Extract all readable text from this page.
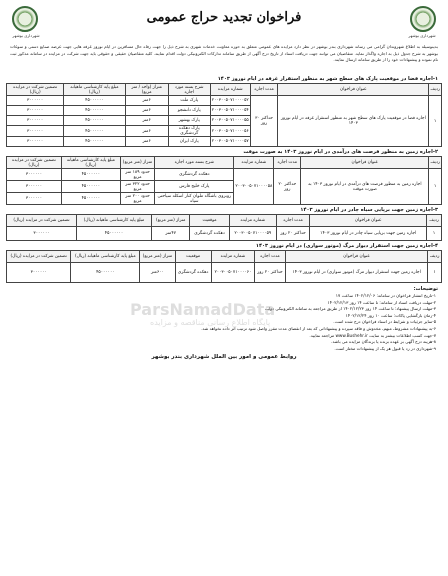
شهرداری بوشهر
فراخوان تجدید حراج عمومی
شهرداری بوشهر

بدینوسیله به اطلاع شهروندان گرامی می رساند شهرداری بندر بوشهر در نظر دارد مزایده های عمومی متعلق به حوزه معاونت خدمات شهری به شرح ذیل را جهت رفاه حال مسافرین در ایام نوروز غرفه هایی جهت عرضه صنایع دستی و سوغات بوشهر به شرح جدول ذیل به اجاره واگذار نماید. متقاضیان می توانند جهت دریافت اسناد از تاریخ درج آگهی از طریق سامانه تدارکات الکترونیکی دولت اقدام نمایند. کلیه متقاضیان حقیقی و حقوقی باید جهت شرکت در مزایده در سامانه مذکور ثبت نام نموده و پیشنهادات خود را از طریق سامانه ارسال نمایند.

۱-اجاره فضا در موقعیت پارک های سطح شهر به منظور استقرار غرفه در ایام نوروز ۱۴۰۳
ردیف	عنوان فراخوان	مدت اجاره	شماره مزایده	شرح بسته مورد اجاره	متراژ (واحد / متر مربع)	مبلغ پایه کارشناسی ماهیانه (ریال)	تضمین شرکت در مزایده (ریال)
۱	اجاره فضا در موقعیت پارک های سطح شهر به منظور استقرار غرفه در ایام نوروز ۱۴۰۳	حداکثر ۳۰ روز	۲۰۰۳۰۰۵۰۷۱۰۰۰۰۵۲	پارک ملت	۶متر	۴۵۰۰۰۰۰۰	۳۰۰۰۰۰۰
			۲۰۰۳۰۰۵۰۷۱۰۰۰۰۵۴	پارک دانشجو	۶متر	۴۵۰۰۰۰۰۰	۳۰۰۰۰۰۰
			۲۰۰۳۰۰۵۰۷۱۰۰۰۰۵۵	پارک بهشهر	۶متر	۴۵۰۰۰۰۰۰	۳۰۰۰۰۰۰
			۲۰۰۳۰۰۵۰۷۱۰۰۰۰۵۶	پارک دهکده گردشگری	۶متر	۴۵۰۰۰۰۰۰	۳۰۰۰۰۰۰
			۲۰۰۳۰۰۵۰۷۱۰۰۰۰۵۷	پارک ایران	۶متر	۴۵۰۰۰۰۰۰	۳۰۰۰۰۰۰
۲-اجاره زمین به منظور فرصت های درآمدی در ایام نوروز ۱۴۰۳ به صورت موقت
ردیف	عنوان فراخوان	مدت اجاره	شماره مزایده	شرح بسته مورد اجاره	متراژ (متر مربع)	مبلغ پایه کارشناسی ماهیانه (ریال)	تضمین شرکت در مزایده (ریال)
۱	اجاره زمین به منظور فرصت های درآمدی در ایام نوروز ۱۴۰۳ به صورت موقت	حداکثر ۲۰ روز	۲۰۰۳۰۰۵۰۷۱۰۰۰۰۵۸	دهکده گردشگری	حدود ۱۸۹ متر مربع	۴۵۰۰۰۰۰۰	۳۰۰۰۰۰۰
				پارک خلیج فارس	حدود ۳۲۲ متر مربع	۴۵۰۰۰۰۰۰	۳۰۰۰۰۰۰
				روبروی باشگاه ملوان کنار اسکله سیاحتی سپاه	حدود ۲۰۰ متر مربع	۴۵۰۰۰۰۰۰	۳۰۰۰۰۰۰
۳-اجاره زمین جهت برپایی سیاه چادر در ایام نوروز ۱۴۰۳
ردیف	عنوان فراخوان	مدت اجاره	شماره مزایده	موقعیت	متراژ (متر مربع)	مبلغ پایه کارشناسی ماهیانه (ریال)	تضمین شرکت در مزایده (ریال)
۱	اجاره زمین جهت برپایی سیاه چادر در ایام نوروز ۱۴۰۳	حداکثر ۲۰ روز	۲۰۰۳۰۰۵۰۷۱۰۰۰۰۵۹	دهکده گردشگری	۴۷متر	۴۵۰۰۰۰۰۰	۳۰۰۰۰۰۰
۴-اجاره زمین جهت استقرار دیوار مرگ (موتور سواری) در ایام نوروز ۱۴۰۳
ردیف	عنوان فراخوان	مدت اجاره	شماره مزایده	موقعیت	متراژ (متر مربع)	مبلغ پایه کارشناسی ماهیانه (ریال)	تضمین شرکت در مزایده (ریال)
۱	اجاره زمین جهت استقرار دیوار مرگ (موتور سواری) در ایام نوروز ۱۴۰۳	حداکثر ۲۰ روز	۲۰۰۳۰۰۵۰۷۱۰۰۰۰۶۰	دهکده گردشگری	۶۰۰متر	۴۵۰۰۰۰۰۰	۳۰۰۰۰۰۰
توضیحات:
۱-تاریخ انتشار فراخوان در سامانه: ۱۴۰۲/۱۲/۰۶ ساعت ۱۷
۲-مهلت دریافت اسناد از سامانه: تا ساعت ۱۴ روز ۱۴۰۲/۱۲/۱۳
۳-مهلت ارسال پیشنهاد: تا ساعت ۱۴ روز ۱۴۰۲/۱۲/۲۳ از طریق مراجعه به سامانه الکترونیکی دولت
۴-زمان بازگشایی پاکات: ساعت ۱۰ روز ۱۴۰۲/۱۲/۲۴
۵-سایر جزئیات و شرایط در اسناد فراخوان درج شده است.
۶-به پیشنهادات مشروط، مبهم، مخدوش و فاقد سپرده و پیشنهاداتی که بعد از انقضای مدت مقرر واصل شود ترتیب اثر داده نخواهد شد.
۷-جهت کسب اطلاعات بیشتر به سایت www.Bushehr.ir مراجعه نمایید.
۸-هزینه درج آگهی بر عهده برنده یا برندگان مزایده می باشد.
۹-شهرداری در رد یا قبول هر یک از پیشنهادات مختار است.
روابط عمومی و امور بین الملل شهرداری بندر بوشهر
ParsNamadData
پایگاه اطلاع رسانی مناقصه و مزایده
